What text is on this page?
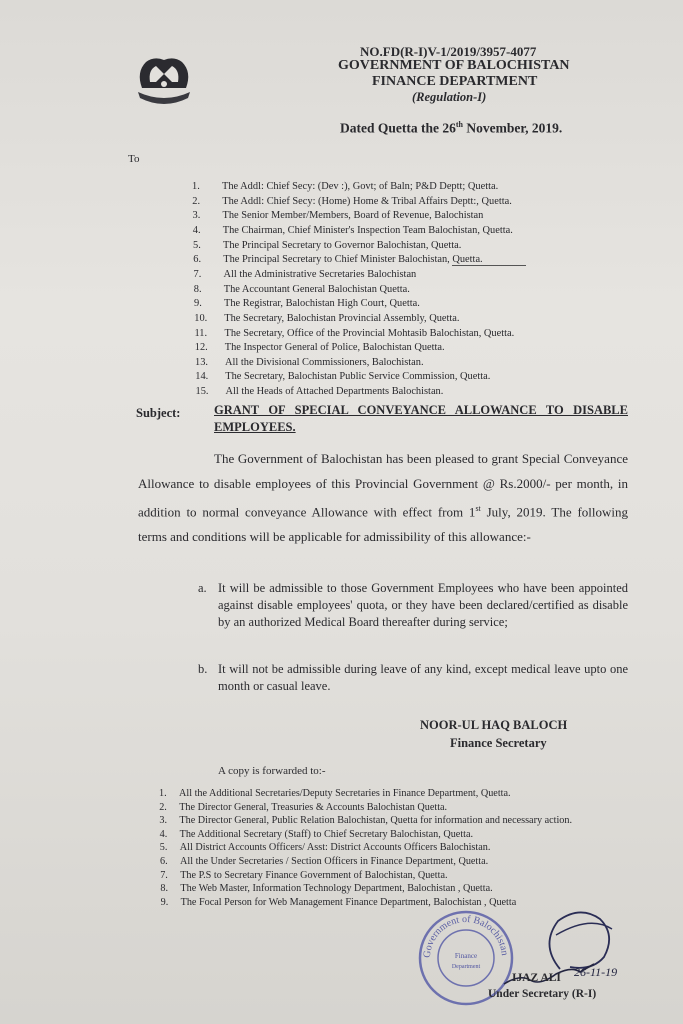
NO.FD(R-I)V-1/2019/3957-4077
GOVERNMENT OF BALOCHISTAN
FINANCE DEPARTMENT
(Regulation-I)
Dated Quetta the 26th November, 2019.
To
1. The Addl: Chief Secy: (Dev :), Govt; of Baln; P&D Deptt; Quetta.
2. The Addl: Chief Secy: (Home) Home & Tribal Affairs Deptt:, Quetta.
3. The Senior Member/Members, Board of Revenue, Balochistan
4. The Chairman, Chief Minister's Inspection Team Balochistan, Quetta.
5. The Principal Secretary to Governor Balochistan, Quetta.
6. The Principal Secretary to Chief Minister Balochistan, Quetta.
7. All the Administrative Secretaries Balochistan
8. The Accountant General Balochistan Quetta.
9. The Registrar, Balochistan High Court, Quetta.
10. The Secretary, Balochistan Provincial Assembly, Quetta.
11. The Secretary, Office of the Provincial Mohtasib Balochistan, Quetta.
12. The Inspector General of Police, Balochistan Quetta.
13. All the Divisional Commissioners, Balochistan.
14. The Secretary, Balochistan Public Service Commission, Quetta.
15. All the Heads of Attached Departments Balochistan.
Subject:	GRANT OF SPECIAL CONVEYANCE ALLOWANCE TO DISABLE EMPLOYEES.
The Government of Balochistan has been pleased to grant Special Conveyance Allowance to disable employees of this Provincial Government @ Rs.2000/- per month, in addition to normal conveyance Allowance with effect from 1st July, 2019. The following terms and conditions will be applicable for admissibility of this allowance:-
a. It will be admissible to those Government Employees who have been appointed against disable employees' quota, or they have been declared/certified as disable by an authorized Medical Board thereafter during service;
b. It will not be admissible during leave of any kind, except medical leave upto one month or casual leave.
NOOR-UL HAQ BALOCH
Finance Secretary
A copy is forwarded to:-
1. All the Additional Secretaries/Deputy Secretaries in Finance Department, Quetta.
2. The Director General, Treasuries & Accounts Balochistan Quetta.
3. The Director General, Public Relation Balochistan, Quetta for information and necessary action.
4. The Additional Secretary (Staff) to Chief Secretary Balochistan, Quetta.
5. All District Accounts Officers/ Asst: District Accounts Officers Balochistan.
6. All the Under Secretaries / Section Officers in Finance Department, Quetta.
7. The P.S to Secretary Finance Government of Balochistan, Quetta.
8. The Web Master, Information Technology Department, Balochistan , Quetta.
9. The Focal Person for Web Management Finance Department, Balochistan , Quetta
Government of Balochistan
Finance
Department
IJAZ ALI 26-11-19
Under Secretary (R-I)
